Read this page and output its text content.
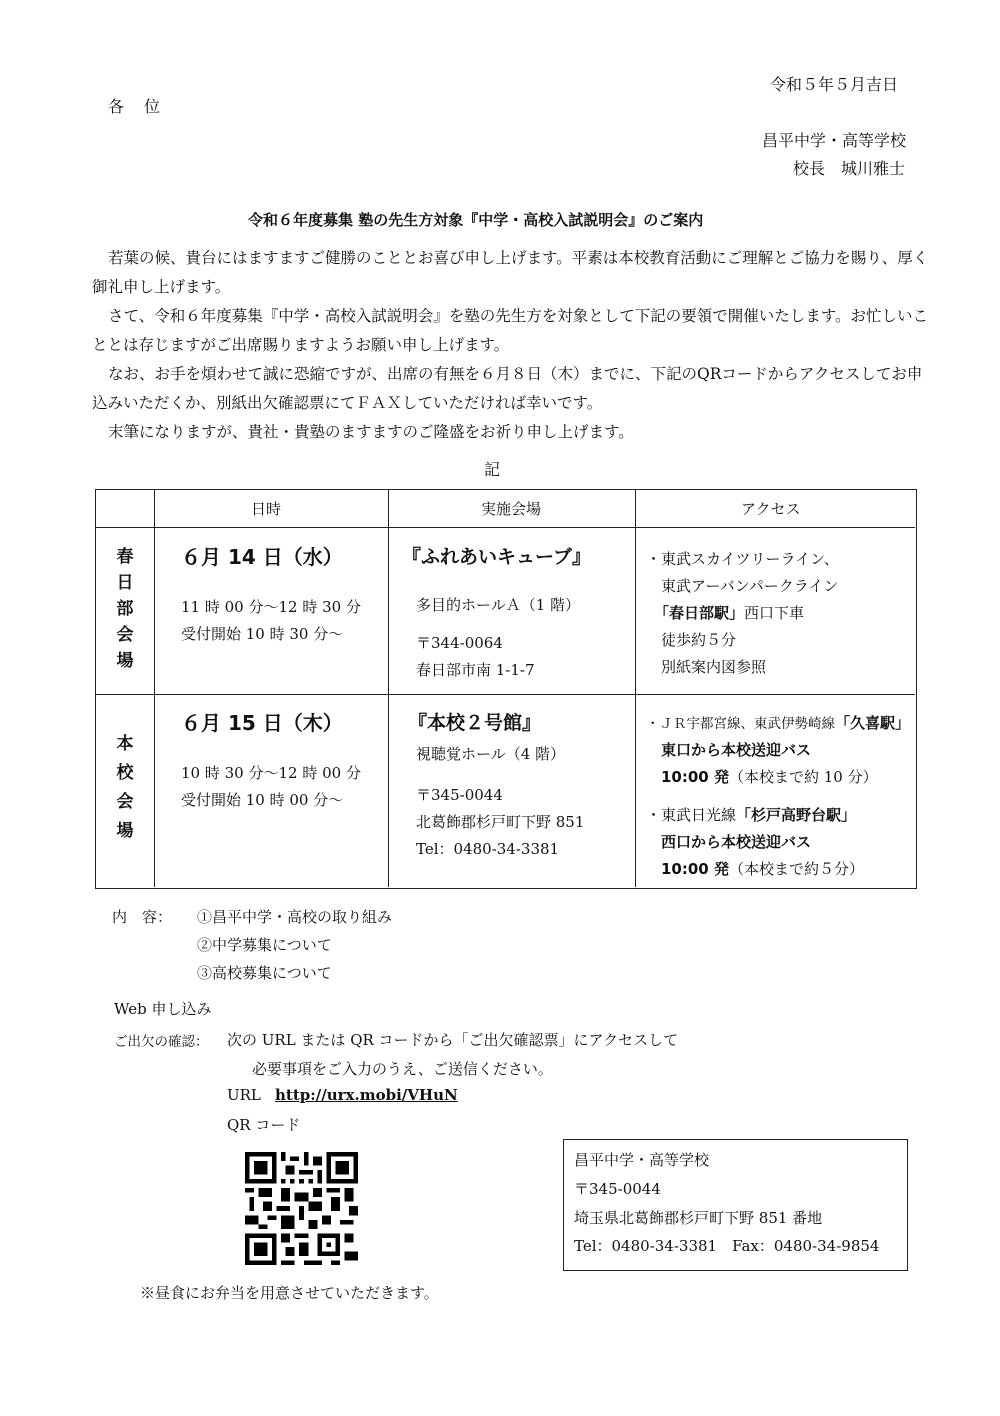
令和５年５月吉日
各　位
昌平中学・高等学校
校長　城川雅士
令和６年度募集 塾の先生方対象『中学・高校入試説明会』のご案内
若葉の候、貴台にはますますご健勝のこととお喜び申し上げます。平素は本校教育活動にご理解とご協力を賜り、厚く御礼申し上げます。
さて、令和６年度募集『中学・高校入試説明会』を塾の先生方を対象として下記の要領で開催いたします。お忙しいこととは存じますがご出席賜りますようお願い申し上げます。
なお、お手を煩わせて誠に恐縮ですが、出席の有無を６月８日（木）までに、下記のQRコードからアクセスしてお申込みいただくか、別紙出欠確認票にてＦＡＸしていただければ幸いです。
末筆になりますが、貴社・貴塾のますますのご隆盛をお祈り申し上げます。
記
日時	実施会場	アクセス
春
日
部
会
場
６月 14 日（水）
11 時 00 分～12 時 30 分
受付開始 10 時 30 分～
『ふれあいキューブ』
多目的ホールＡ（1 階）
〒344-0064
春日部市南 1-1-7
・東武スカイツリーライン、
東武アーバンパークライン
「春日部駅」西口下車
徒歩約５分
別紙案内図参照
本
校
会
場
６月 15 日（木）
10 時 30 分～12 時 00 分
受付開始 10 時 00 分～
『本校２号館』
視聴覚ホール（4 階）
〒345-0044
北葛飾郡杉戸町下野 851
Tel：0480-34-3381
・ＪＲ宇都宮線、東武伊勢崎線「久喜駅」
東口から本校送迎バス
10:00 発（本校まで約 10 分）
・東武日光線「杉戸高野台駅」
西口から本校送迎バス
10:00 発（本校まで約５分）
内　容： ①昌平中学・高校の取り組み
②中学募集について
③高校募集について
Web 申し込み
ご出欠の確認： 次の URL または QR コードから「ご出欠確認票」にアクセスして
必要事項をご入力のうえ、ご送信ください。
URL http://urx.mobi/VHuN
QR コード
昌平中学・高等学校
〒345-0044
埼玉県北葛飾郡杉戸町下野 851 番地
Tel：0480-34-3381　Fax：0480-34-9854
※昼食にお弁当を用意させていただきます。
